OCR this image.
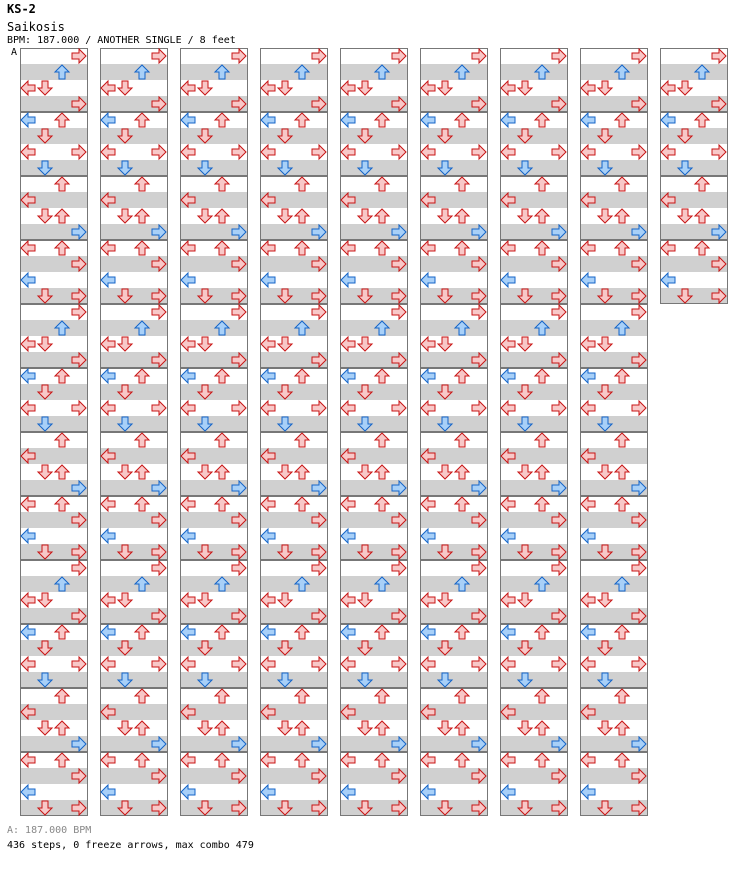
KS-2
Saikosis
BPM: 187.000 / ANOTHER SINGLE / 8 feet
A
A: 187.000 BPM
436 steps, 0 freeze arrows, max combo 479
